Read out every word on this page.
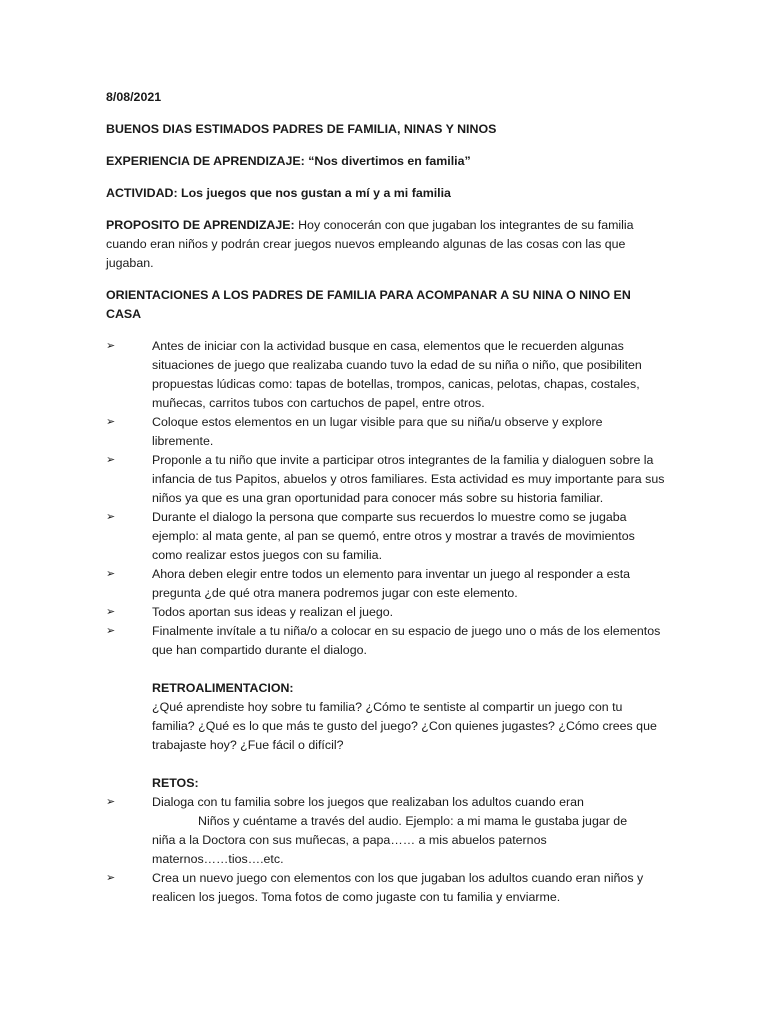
8/08/2021

BUENOS DIAS ESTIMADOS PADRES DE FAMILIA, NINAS Y NINOS

EXPERIENCIA DE APRENDIZAJE: “Nos divertimos en familia”

ACTIVIDAD: Los juegos que nos gustan a mí y a mi familia

PROPOSITO DE APRENDIZAJE: Hoy conocerán con que jugaban los integrantes de su familia cuando eran niños y podrán crear juegos nuevos empleando algunas de las cosas con las que jugaban.

ORIENTACIONES A LOS PADRES DE FAMILIA PARA ACOMPANAR A SU NINA O NINO EN CASA

➢	Antes de iniciar con la actividad busque en casa, elementos que le recuerden algunas situaciones de juego que realizaba cuando tuvo la edad de su niña o niño, que posibiliten propuestas lúdicas como: tapas de botellas, trompos, canicas, pelotas, chapas, costales, muñecas, carritos tubos con cartuchos de papel, entre otros.
➢	Coloque estos elementos en un lugar visible para que su niña/u observe y explore libremente.
➢	Proponle a tu niño que invite a participar otros integrantes de la familia y dialoguen sobre la infancia de tus Papitos, abuelos y otros familiares. Esta actividad es muy importante para sus niños ya que es una gran oportunidad para conocer más sobre su historia familiar.
➢	Durante el dialogo la persona que comparte sus recuerdos lo muestre como se jugaba ejemplo: al mata gente, al pan se quemó, entre otros y mostrar a través de movimientos como realizar estos juegos con su familia.
➢	Ahora deben elegir entre todos un elemento para inventar un juego al responder a esta pregunta ¿de qué otra manera podremos jugar con este elemento.
➢	Todos aportan sus ideas y realizan el juego.
➢	Finalmente invítale a tu niña/o a colocar en su espacio de juego uno o más de los elementos que han compartido durante el dialogo.
RETROALIMENTACION:
¿Qué aprendiste hoy sobre tu familia? ¿Cómo te sentiste al compartir un juego con tu familia? ¿Qué es lo que más te gusto del juego? ¿Con quienes jugastes? ¿Cómo crees que trabajaste hoy? ¿Fue fácil o difícil?
RETOS:
➢	Dialoga con tu familia sobre los juegos que realizaban los adultos cuando eran
Niños y cuéntame a través del audio. Ejemplo: a mi mama le gustaba jugar de
niña a la Doctora con sus muñecas, a papa…… a mis abuelos paternos
maternos……tios….etc.
➢	Crea un nuevo juego con elementos con los que jugaban los adultos cuando eran niños y realicen los juegos. Toma fotos de como jugaste con tu familia y enviarme.
